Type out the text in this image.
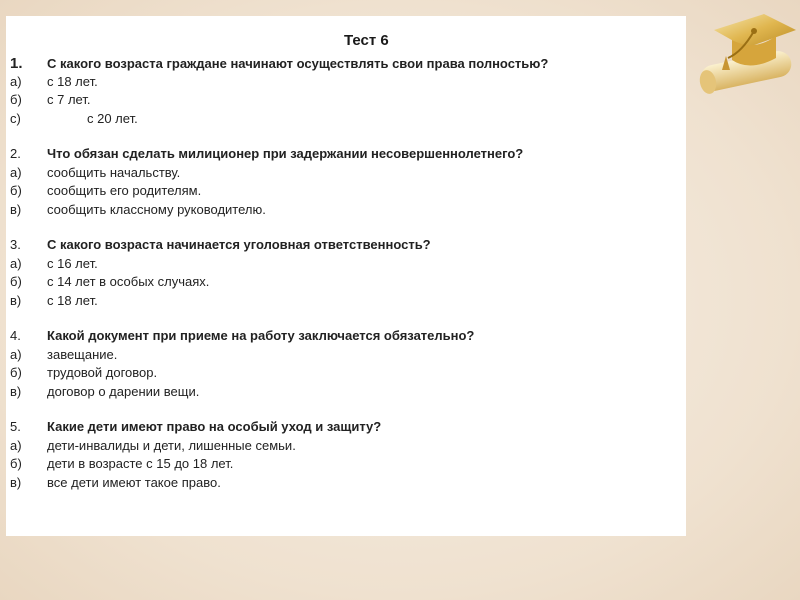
Тест 6
1.	С какого возраста граждане начинают осуществлять свои права полностью?
a)	с 18 лет.
б)	с 7 лет.
c)	с 20 лет.
2.	Что обязан сделать милиционер при задержании несовершеннолетнего?
a)	сообщить начальству.
б)	сообщить его родителям.
в)	сообщить классному руководителю.
3.	С какого возраста начинается уголовная ответственность?
a)	с 16 лет.
б)	с 14 лет в особых случаях.
в)	с 18 лет.
4.	Какой документ при приеме на работу заключается обязательно?
a)	завещание.
б)	трудовой договор.
в)	договор о дарении вещи.
5.	Какие дети имеют право на особый уход и защиту?
a)	дети-инвалиды и дети, лишенные семьи.
б)	дети в возрасте с 15 до 18 лет.
в)	все дети имеют такое право.
